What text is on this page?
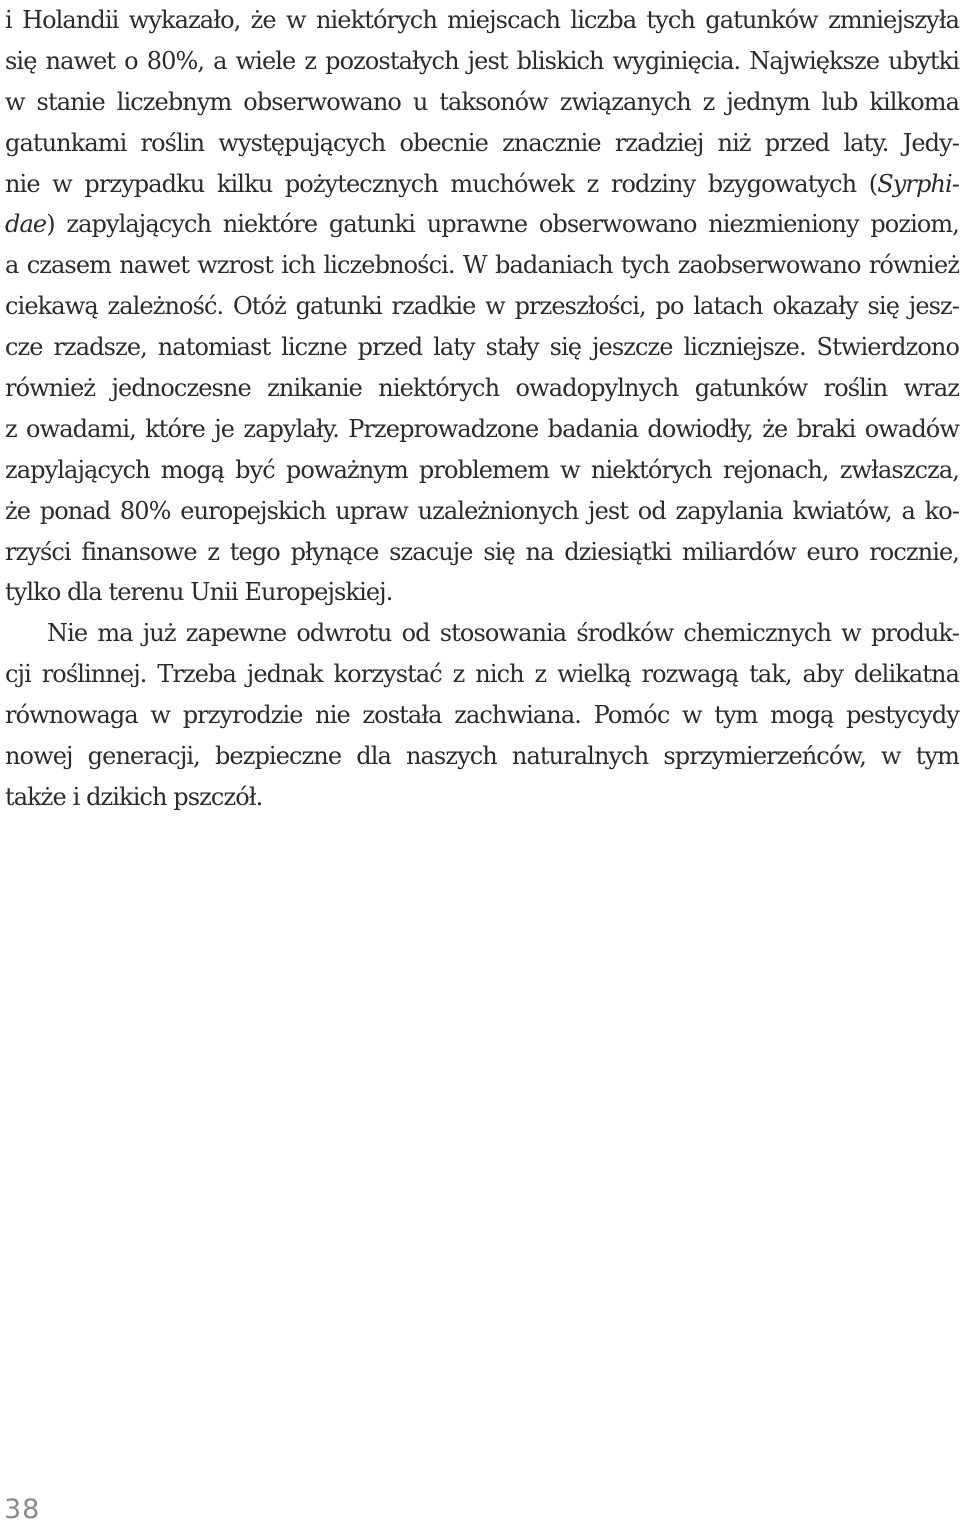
i Holandii wykazało, że w niektórych miejscach liczba tych gatunków zmniejszyła
się nawet o 80%, a wiele z pozostałych jest bliskich wyginięcia. Największe ubytki
w stanie liczebnym obserwowano u taksonów związanych z jednym lub kilkoma
gatunkami roślin występujących obecnie znacznie rzadziej niż przed laty. Jedy-
nie w przypadku kilku pożytecznych muchówek z rodziny bzygowatych (Syrphi-
dae) zapylających niektóre gatunki uprawne obserwowano niezmieniony poziom,
a czasem nawet wzrost ich liczebności. W badaniach tych zaobserwowano również
ciekawą zależność. Otóż gatunki rzadkie w przeszłości, po latach okazały się jesz-
cze rzadsze, natomiast liczne przed laty stały się jeszcze liczniejsze. Stwierdzono
również jednoczesne znikanie niektórych owadopylnych gatunków roślin wraz
z owadami, które je zapylały. Przeprowadzone badania dowiodły, że braki owadów
zapylających mogą być poważnym problemem w niektórych rejonach, zwłaszcza,
że ponad 80% europejskich upraw uzależnionych jest od zapylania kwiatów, a ko-
rzyści finansowe z tego płynące szacuje się na dziesiątki miliardów euro rocznie,
tylko dla terenu Unii Europejskiej.
Nie ma już zapewne odwrotu od stosowania środków chemicznych w produk-
cji roślinnej. Trzeba jednak korzystać z nich z wielką rozwagą tak, aby delikatna
równowaga w przyrodzie nie została zachwiana. Pomóc w tym mogą pestycydy
nowej generacji, bezpieczne dla naszych naturalnych sprzymierzeńców, w tym
także i dzikich pszczół.
38
